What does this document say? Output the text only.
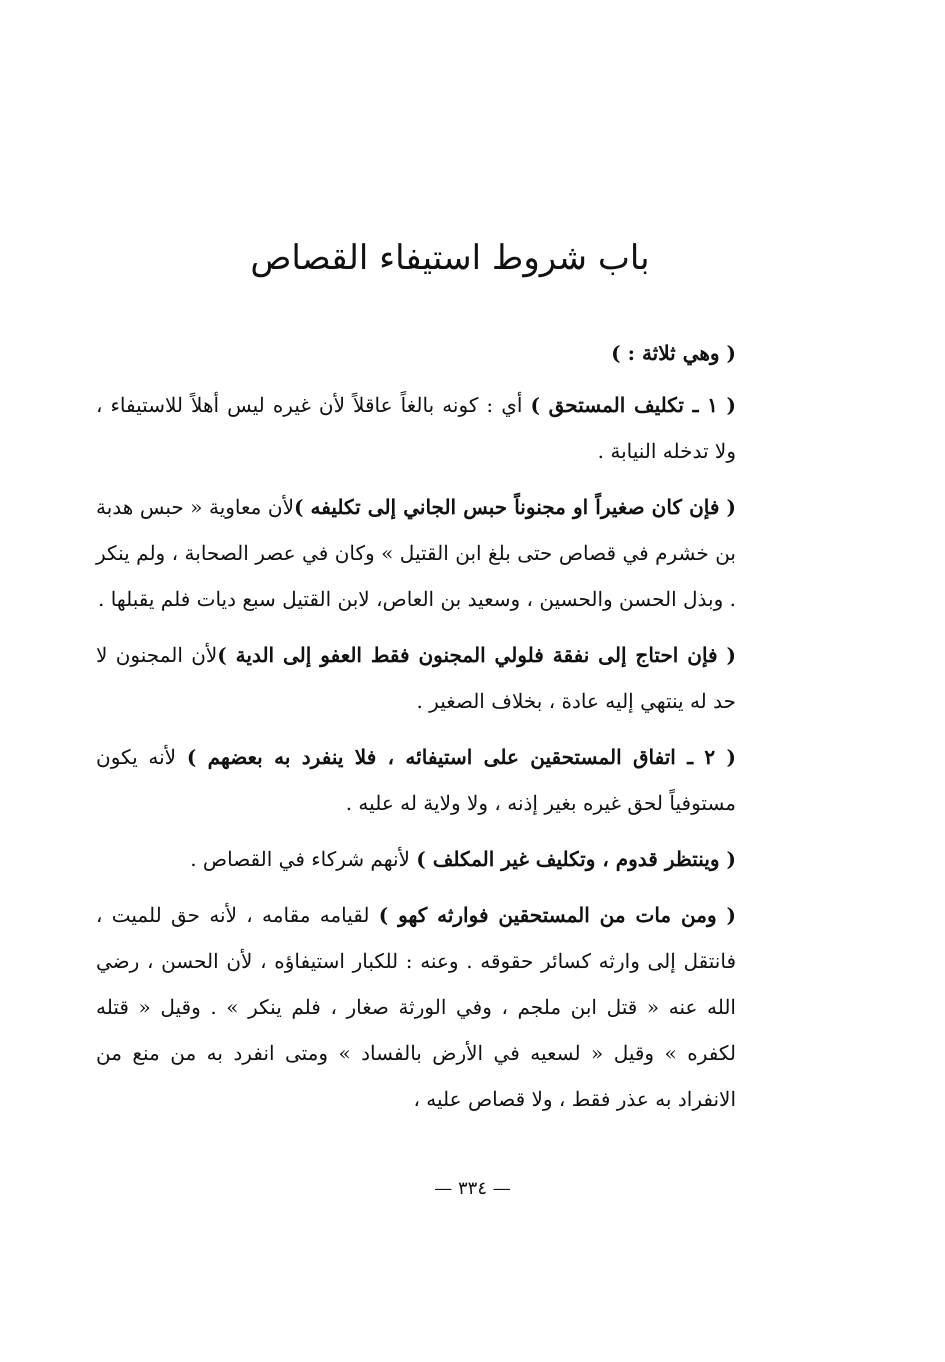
باب شروط استيفاء القصاص

( وهي ثلاثة : )

( ١ ـ تكليف المستحق ) أي : كونه بالغاً عاقلاً لأن غيره ليس أهلاً للاستيفاء ، ولا تدخله النيابة .

( فإن كان صغيراً او مجنوناً حبس الجاني إلى تكليفه )لأن معاوية « حبس هدبة بن خشرم في قصاص حتى بلغ ابن القتيل » وكان في عصر الصحابة ، ولم ينكر . وبذل الحسن والحسين ، وسعيد بن العاص، لابن القتيل سبع ديات فلم يقبلها .

( فإن احتاج إلى نفقة فلولي المجنون فقط العفو إلى الدية )لأن المجنون لا حد له ينتهي إليه عادة ، بخلاف الصغير .

( ٢ ـ اتفاق المستحقين على استيفائه ، فلا ينفرد به بعضهم ) لأنه يكون مستوفياً لحق غيره بغير إذنه ، ولا ولاية له عليه .

( وينتظر قدوم ، وتكليف غير المكلف ) لأنهم شركاء في القصاص .

( ومن مات من المستحقين فوارثه كهو ) لقيامه مقامه ، لأنه حق للميت ، فانتقل إلى وارثه كسائر حقوقه . وعنه : للكبار استيفاؤه ، لأن الحسن ، رضي الله عنه « قتل ابن ملجم ، وفي الورثة صغار ، فلم ينكر » . وقيل « قتله لكفره » وقيل « لسعيه في الأرض بالفساد » ومتى انفرد به من منع من الانفراد به عذر فقط ، ولا قصاص عليه ،

— ٣٣٤ —
